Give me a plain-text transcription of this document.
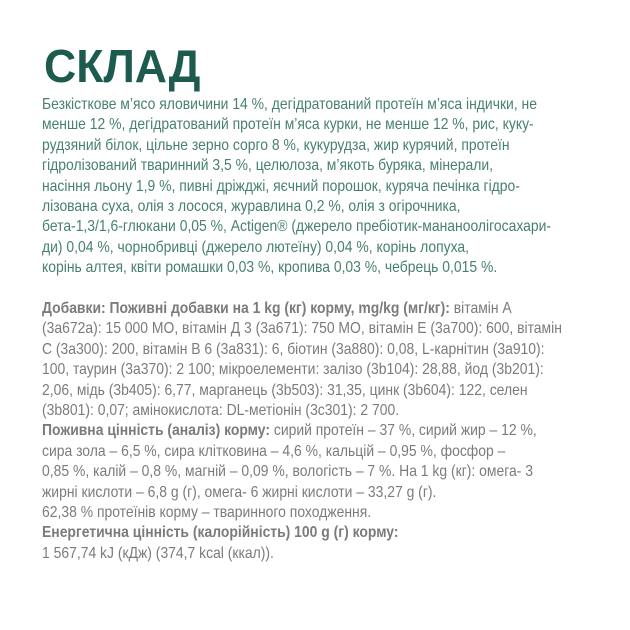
СКЛАД
Безкісткове м’ясо яловичини 14 %, дегідратований протеїн м’яса індички, не
менше 12 %, дегідратований протеїн м’яса курки, не менше 12 %, рис, куку-
рудзяний білок, цільне зерно сорго 8 %, кукурудза, жир курячий, протеїн
гідролізований тваринний 3,5 %, целюлоза, м’якоть буряка, мінерали,
насіння льону 1,9 %, пивні дріжджі, яєчний порошок, куряча печінка гідро-
лізована суха, олія з лосося, журавлина 0,2 %, олія з огірочника,
бета-1,3/1,6-глюкани 0,05 %, Actigen® (джерело пребіотик-мананоолігосахари-
ди) 0,04 %, чорнобривці (джерело лютеїну) 0,04 %, корінь лопуха,
корінь алтея, квіти ромашки 0,03 %, кропива 0,03 %, чебрець 0,015 %.
Добавки: Поживні добавки на 1 kg (кг) корму, mg/kg (мг/кг): вітамін А
(3а672а): 15 000 МО, вітамін Д 3 (3а671): 750 МО, вітамін Е (3а700): 600, вітамін
С (3а300): 200, вітамін В 6 (3а831): 6, біотин (3а880): 0,08, L-карнітин (3а910):
100, таурин (3а370): 2 100; мікроелементи: залізо (3b104): 28,88, йод (3b201):
2,06, мідь (3b405): 6,77, марганець (3b503): 31,35, цинк (3b604): 122, селен
(3b801): 0,07; амінокислота: DL-метіонін (3с301): 2 700.
Поживна цінність (аналіз) корму: сирий протеїн – 37 %, сирий жир – 12 %,
сира зола – 6,5 %, сира клітковина – 4,6 %, кальцій – 0,95 %, фосфор –
0,85 %, калій – 0,8 %, магній – 0,09 %, вологість – 7 %. На 1 kg (кг): омега- 3
жирні кислоти – 6,8 g (г), омега- 6 жирні кислоти – 33,27 g (г).
62,38 % протеїнів корму – тваринного походження.
Енергетична цінність (калорійність) 100 g (г) корму:
1 567,74 kJ (кДж) (374,7 kcal (ккал)).
